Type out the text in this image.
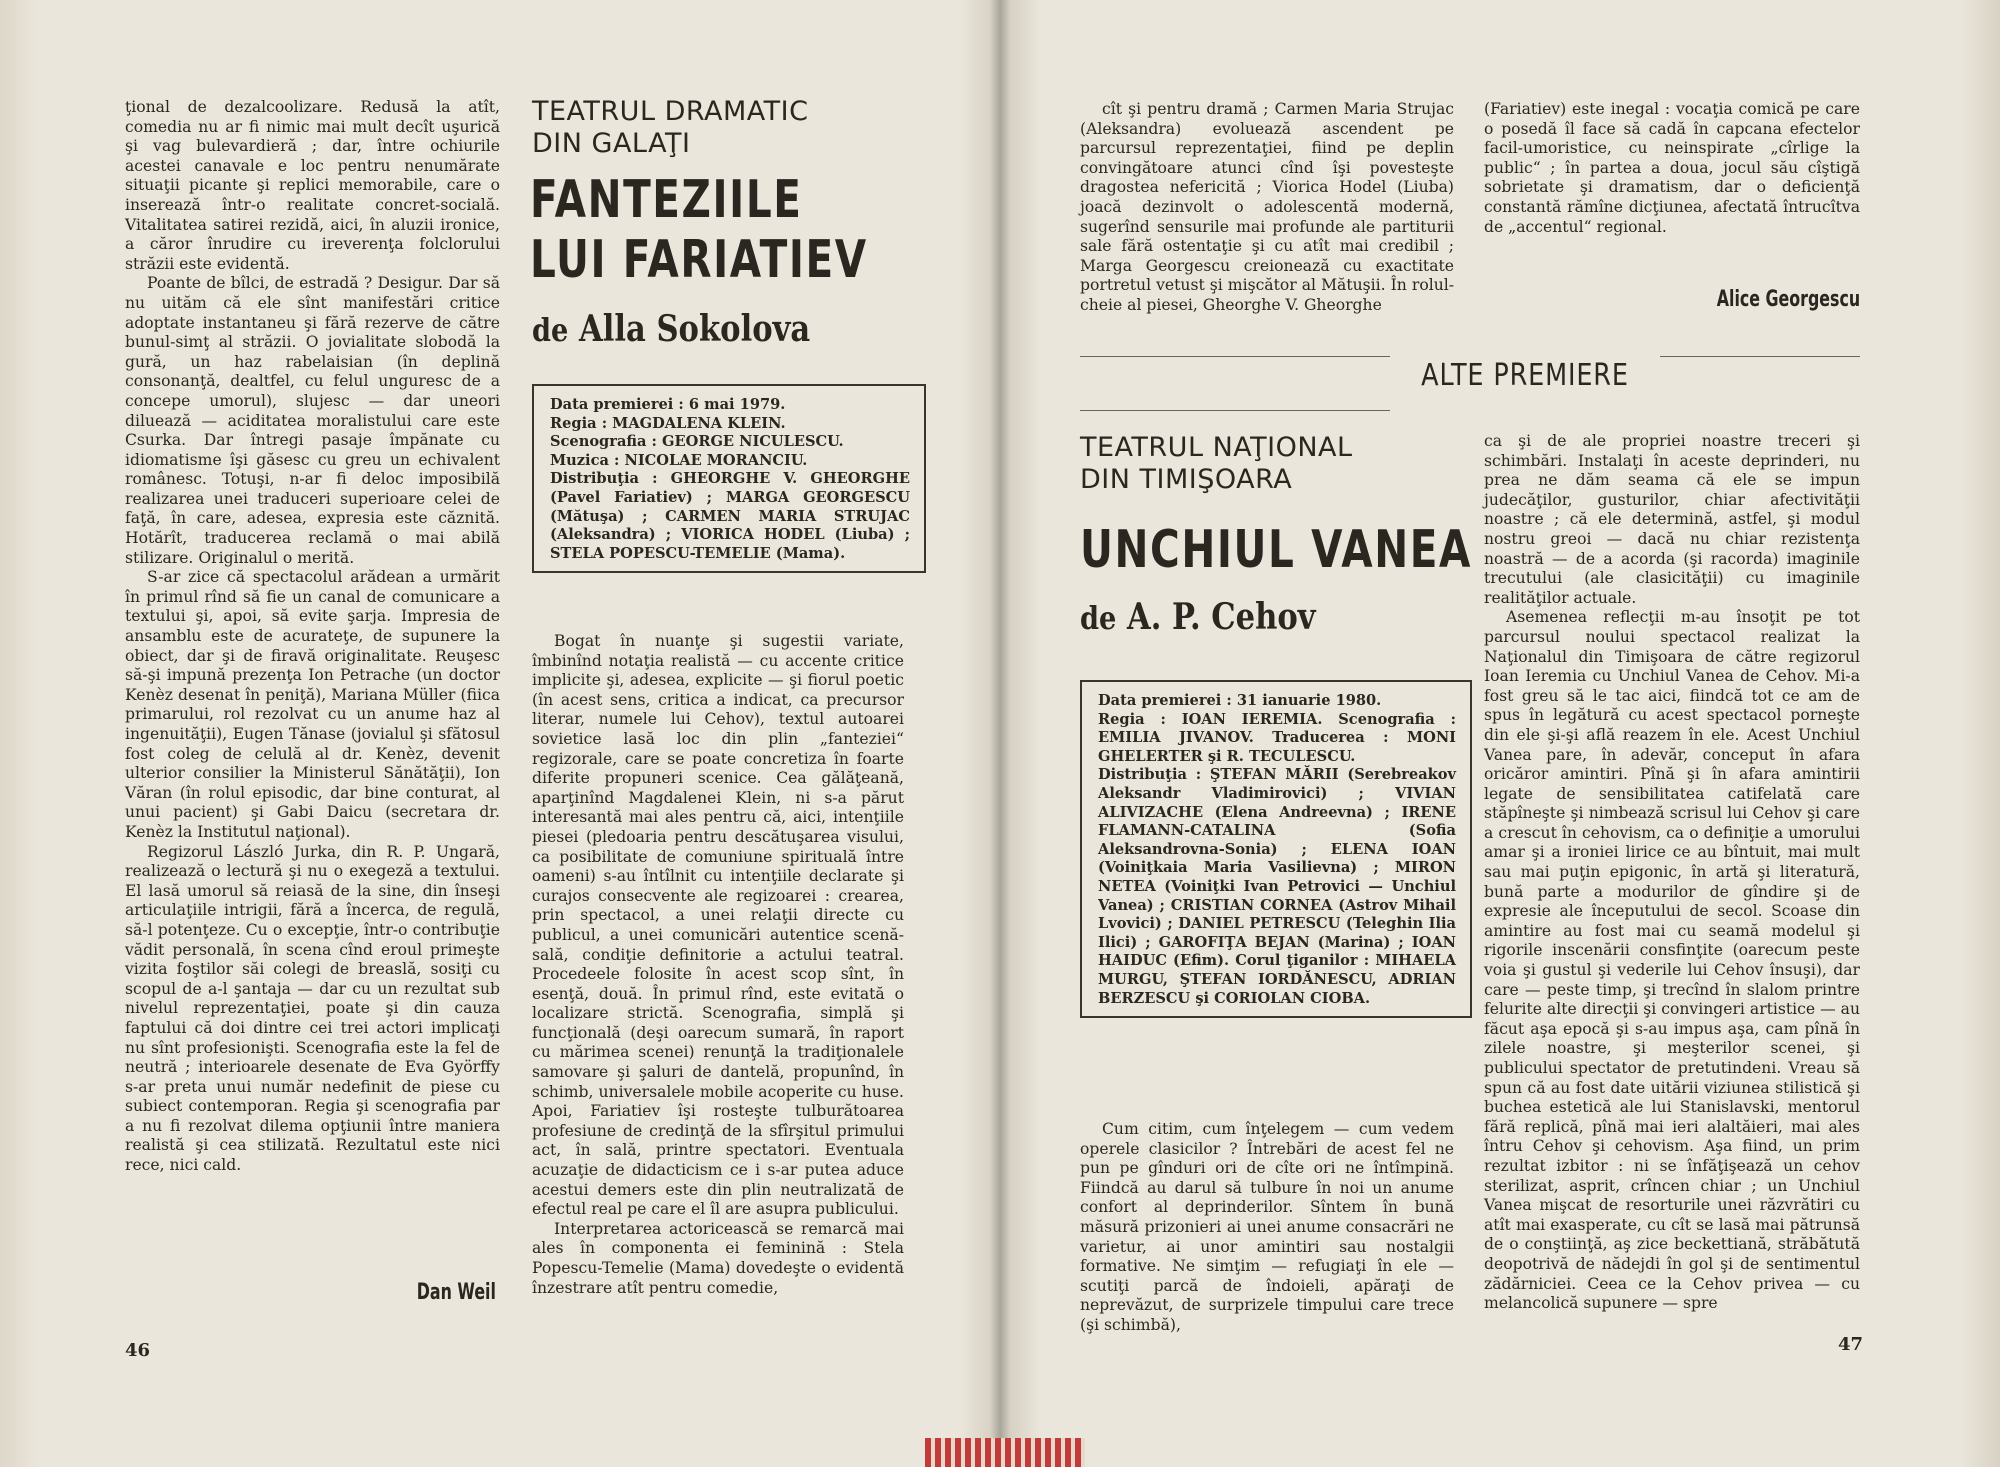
ţional de dezalcoolizare. Redusă la atît, comedia nu ar fi nimic mai mult decît uşurică şi vag bulevardieră ; dar, între ochiurile acestei canavale e loc pentru nenumărate situaţii picante şi replici memorabile, care o inserează într-o realitate concret-socială. Vitalitatea satirei rezidă, aici, în aluzii ironice, a căror înrudire cu ireverenţa folclorului străzii este evidentă.

Poante de bîlci, de estradă ? Desigur. Dar să nu uităm că ele sînt manifestări critice adoptate instantaneu şi fără rezerve de către bunul-simţ al străzii. O jovialitate slobodă la gură, un haz rabelaisian (în deplină consonanţă, dealtfel, cu felul unguresc de a concepe umorul), slujesc — dar uneori diluează — aciditatea moralistului care este Csurka. Dar întregi pasaje împănate cu idiomatisme îşi găsesc cu greu un echivalent românesc. Totuşi, n-ar fi deloc imposibilă realizarea unei traduceri superioare celei de faţă, în care, adesea, expresia este căznită. Hotărît, traducerea reclamă o mai abilă stilizare. Originalul o merită.

S-ar zice că spectacolul arădean a urmărit în primul rînd să fie un canal de comunicare a textului şi, apoi, să evite şarja. Impresia de ansamblu este de acurateţe, de supunere la obiect, dar şi de firavă originalitate. Reuşesc să-şi impună prezenţa Ion Petrache (un doctor Kenèz desenat în peniţă), Mariana Müller (fiica primarului, rol rezolvat cu un anume haz al ingenuităţii), Eugen Tănase (jovialul şi sfătosul fost coleg de celulă al dr. Kenèz, devenit ulterior consilier la Ministerul Sănătăţii), Ion Văran (în rolul episodic, dar bine conturat, al unui pacient) şi Gabi Daicu (secretara dr. Kenèz la Institutul naţional).

Regizorul László Jurka, din R. P. Ungară, realizează o lectură şi nu o exegeză a textului. El lasă umorul să reiasă de la sine, din înseşi articulaţiile intrigii, fără a încerca, de regulă, să-l potenţeze. Cu o excepţie, într-o contribuţie vădit personală, în scena cînd eroul primeşte vizita foştilor săi colegi de breaslă, sosiţi cu scopul de a-l şantaja — dar cu un rezultat sub nivelul reprezentaţiei, poate şi din cauza faptului că doi dintre cei trei actori implicaţi nu sînt profesionişti. Scenografia este la fel de neutră ; interioarele desenate de Eva Györffy s-ar preta unui număr nedefinit de piese cu subiect contemporan. Regia şi scenografia par a nu fi rezolvat dilema opţiunii între maniera realistă şi cea stilizată. Rezultatul este nici rece, nici cald.

Dan Weil
TEATRUL DRAMATIC
DIN GALAŢI
FANTEZIILE
LUI FARIATIEV
de Alla Sokolova
Data premierei : 6 mai 1979.
Regia : MAGDALENA KLEIN.
Scenografia : GEORGE NICULESCU.
Muzica : NICOLAE MORANCIU.
Distribuţia : GHEORGHE V. GHEORGHE (Pavel Fariatiev) ; MARGA GEORGESCU (Mătuşa) ; CARMEN MARIA STRUJAC (Aleksandra) ; VIORICA HODEL (Liuba) ; STELA POPESCU-TEMELIE (Mama).

Bogat în nuanţe şi sugestii variate, îmbinînd notaţia realistă — cu accente critice implicite şi, adesea, explicite — şi fiorul poetic (în acest sens, critica a indicat, ca precursor literar, numele lui Cehov), textul autoarei sovietice lasă loc din plin „fanteziei“ regizorale, care se poate concretiza în foarte diferite propuneri scenice. Cea gălăţeană, aparţinînd Magdalenei Klein, ni s-a părut interesantă mai ales pentru că, aici, intenţiile piesei (pledoaria pentru descătuşarea visului, ca posibilitate de comuniune spirituală între oameni) s-au întîlnit cu intenţiile declarate şi curajos consecvente ale regizoarei : crearea, prin spectacol, a unei relaţii directe cu publicul, a unei comunicări autentice scenă-sală, condiţie definitorie a actului teatral. Procedeele folosite în acest scop sînt, în esenţă, două. În primul rînd, este evitată o localizare strictă. Scenografia, simplă şi funcţională (deşi oarecum sumară, în raport cu mărimea scenei) renunţă la tradiţionalele samovare şi şaluri de dantelă, propunînd, în schimb, universalele mobile acoperite cu huse. Apoi, Fariatiev îşi rosteşte tulburătoarea profesiune de credinţă de la sfîrşitul primului act, în sală, printre spectatori. Eventuala acuzaţie de didacticism ce i s-ar putea aduce acestui demers este din plin neutralizată de efectul real pe care el îl are asupra publicului.

Interpretarea actoricească se remarcă mai ales în componenta ei feminină : Stela Popescu-Temelie (Mama) dovedeşte o evidentă înzestrare atît pentru comedie,

46

cît şi pentru dramă ; Carmen Maria Strujac (Aleksandra) evoluează ascendent pe parcursul reprezentaţiei, fiind pe deplin convingătoare atunci cînd îşi povesteşte dragostea nefericită ; Viorica Hodel (Liuba) joacă dezinvolt o adolescentă modernă, sugerînd sensurile mai profunde ale partiturii sale fără ostentaţie şi cu atît mai credibil ; Marga Georgescu creionează cu exactitate portretul vetust şi mişcător al Mătuşii. În rolul-cheie al piesei, Gheorghe V. Gheorghe

(Fariatiev) este inegal : vocaţia comică pe care o posedă îl face să cadă în capcana efectelor facil-umoristice, cu neinspirate „cîrlige la public“ ; în partea a doua, jocul său cîştigă sobrietate şi dramatism, dar o deficienţă constantă rămîne dicţiunea, afectată întrucîtva de „accentul“ regional.

Alice Georgescu
ALTE PREMIERE
TEATRUL NAŢIONAL
DIN TIMIŞOARA
UNCHIUL VANEA
de A. P. Cehov
Data premierei : 31 ianuarie 1980.
Regia : IOAN IEREMIA. Scenografia : EMILIA JIVANOV. Traducerea : MONI GHELERTER şi R. TECULESCU.
Distribuţia : ŞTEFAN MĂRII (Serebreakov Aleksandr Vladimirovici) ; VIVIAN ALIVIZACHE (Elena Andreevna) ; IRENE FLAMANN-CATALINA (Sofia Aleksandrovna-Sonia) ; ELENA IOAN (Voiniţkaia Maria Vasilievna) ; MIRON NETEA (Voiniţki Ivan Petrovici — Unchiul Vanea) ; CRISTIAN CORNEA (Astrov Mihail Lvovici) ; DANIEL PETRESCU (Teleghin Ilia Ilici) ; GAROFIŢA BEJAN (Marina) ; IOAN HAIDUC (Efim). Corul ţiganilor : MIHAELA MURGU, ŞTEFAN IORDĂNESCU, ADRIAN BERZESCU şi CORIOLAN CIOBA.

Cum citim, cum înţelegem — cum vedem operele clasicilor ? Întrebări de acest fel ne pun pe gînduri ori de cîte ori ne întîmpină. Fiindcă au darul să tulbure în noi un anume confort al deprinderilor. Sîntem în bună măsură prizonieri ai unei anume consacrări ne varietur, ai unor amintiri sau nostalgii formative. Ne simţim — refugiaţi în ele — scutiţi parcă de îndoieli, apăraţi de neprevăzut, de surprizele timpului care trece (şi schimbă),

ca şi de ale propriei noastre treceri şi schimbări. Instalaţi în aceste deprinderi, nu prea ne dăm seama că ele se impun judecăţilor, gusturilor, chiar afectivităţii noastre ; că ele determină, astfel, şi modul nostru greoi — dacă nu chiar rezistenţa noastră — de a acorda (şi racorda) imaginile trecutului (ale clasicităţii) cu imaginile realităţilor actuale.

Asemenea reflecţii m-au însoţit pe tot parcursul noului spectacol realizat la Naţionalul din Timişoara de către regizorul Ioan Ieremia cu Unchiul Vanea de Cehov. Mi-a fost greu să le tac aici, fiindcă tot ce am de spus în legătură cu acest spectacol porneşte din ele şi-şi află reazem în ele. Acest Unchiul Vanea pare, în adevăr, conceput în afara oricăror amintiri. Pînă şi în afara amintirii legate de sensibilitatea catifelată care stăpîneşte şi nimbează scrisul lui Cehov şi care a crescut în cehovism, ca o definiţie a umorului amar şi a ironiei lirice ce au bîntuit, mai mult sau mai puţin epigonic, în artă şi literatură, bună parte a modurilor de gîndire şi de expresie ale începutului de secol. Scoase din amintire au fost mai cu seamă modelul şi rigorile inscenării consfinţite (oarecum peste voia şi gustul şi vederile lui Cehov însuşi), dar care — peste timp, şi trecînd în slalom printre felurite alte direcţii şi convingeri artistice — au făcut aşa epocă şi s-au impus aşa, cam pînă în zilele noastre, şi meşterilor scenei, şi publicului spectator de pretutindeni. Vreau să spun că au fost date uitării viziunea stilistică şi buchea estetică ale lui Stanislavski, mentorul fără replică, pînă mai ieri alaltăieri, mai ales întru Cehov şi cehovism. Aşa fiind, un prim rezultat izbitor : ni se înfăţişează un cehov sterilizat, asprit, crîncen chiar ; un Unchiul Vanea mişcat de resorturile unei răzvrătiri cu atît mai exasperate, cu cît se lasă mai pătrunsă de o conştiinţă, aş zice beckettiană, străbătută deopotrivă de nădejdi în gol şi de sentimentul zădărniciei. Ceea ce la Cehov privea — cu melancolică supunere — spre

47
